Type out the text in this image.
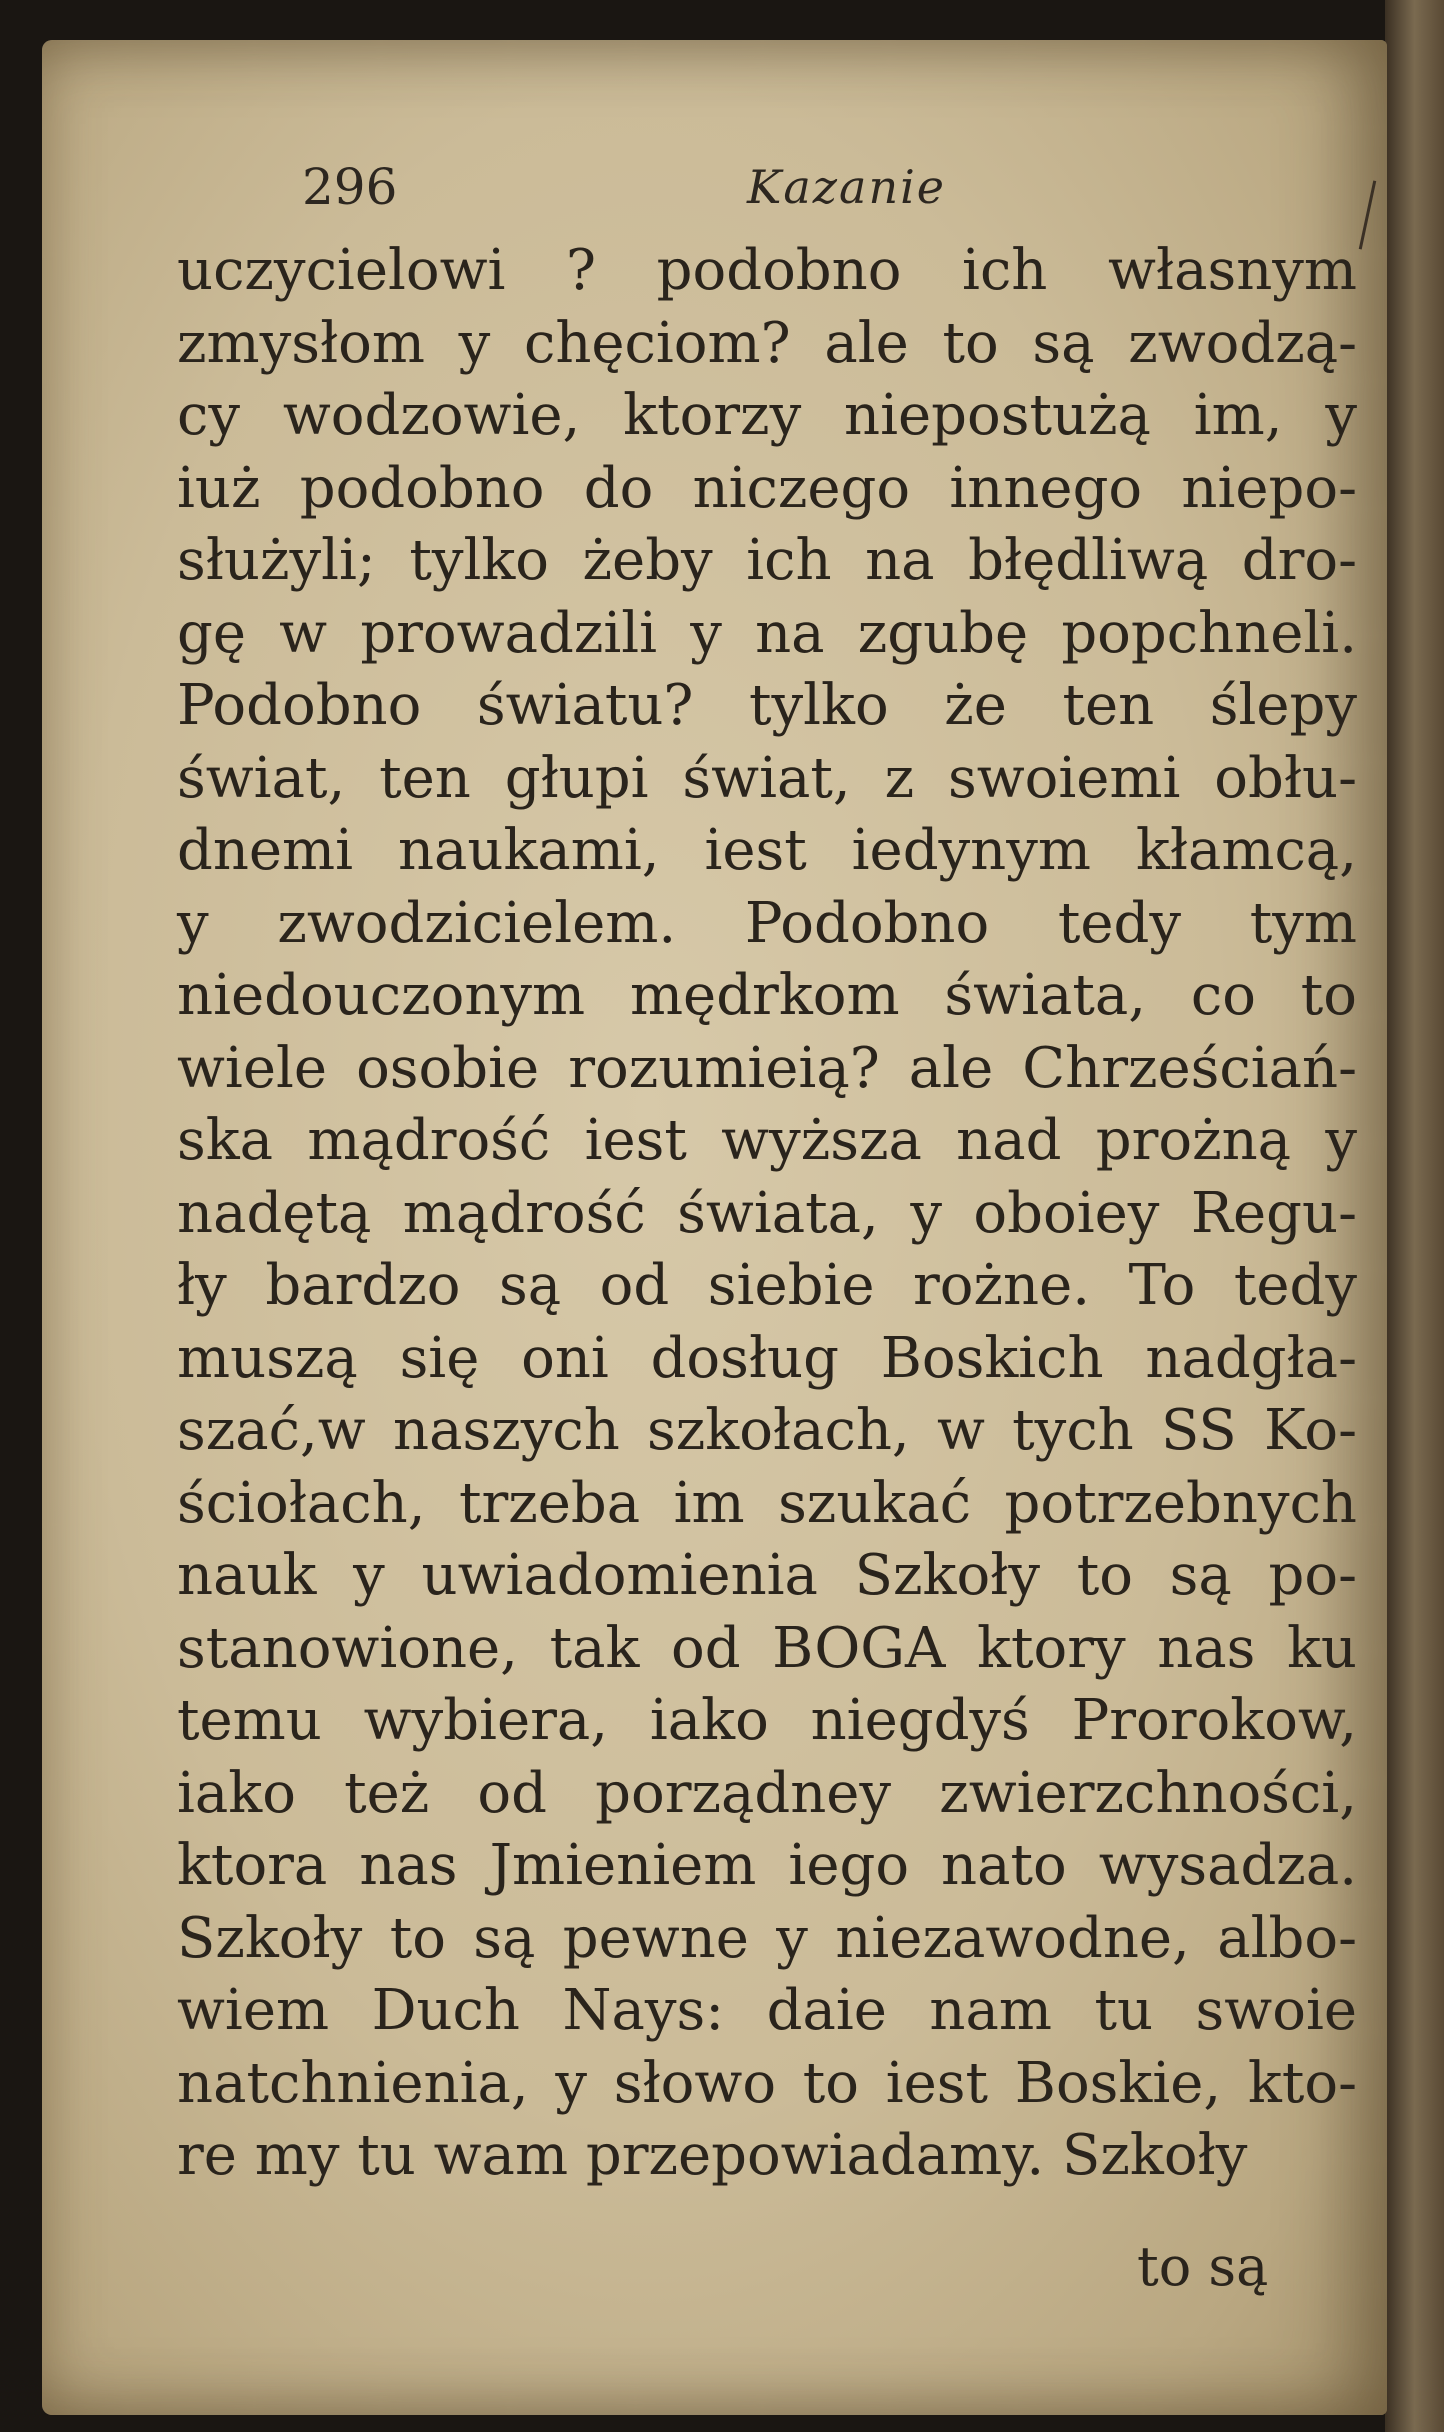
296	Kazanie
uczycielowi ? podobno ich własnym
zmysłom y chęciom? ale to są zwodzą-
cy wodzowie, ktorzy niepostużą im, y
iuż podobno do niczego innego niepo-
służyli; tylko żeby ich na błędliwą dro-
gę w prowadzili y na zgubę popchneli.
Podobno światu? tylko że ten ślepy
świat, ten głupi świat, z swoiemi obłu-
dnemi naukami, iest iedynym kłamcą,
y zwodzicielem. Podobno tedy tym
niedouczonym mędrkom świata, co to
wiele osobie rozumieią? ale Chrześciań-
ska mądrość iest wyższa nad prożną y
nadętą mądrość świata, y oboiey Regu-
ły bardzo są od siebie rożne. To tedy
muszą się oni dosług Boskich nadgła-
szać,w naszych szkołach, w tych SS Ko-
ściołach, trzeba im szukać potrzebnych
nauk y uwiadomienia Szkoły to są po-
stanowione, tak od BOGA ktory nas ku
temu wybiera, iako niegdyś Prorokow,
iako też od porządney zwierzchności,
ktora nas Jmieniem iego nato wysadza.
Szkoły to są pewne y niezawodne, albo-
wiem Duch Nays: daie nam tu swoie
natchnienia, y słowo to iest Boskie, kto-
re my tu wam przepowiadamy. Szkoły
to są
